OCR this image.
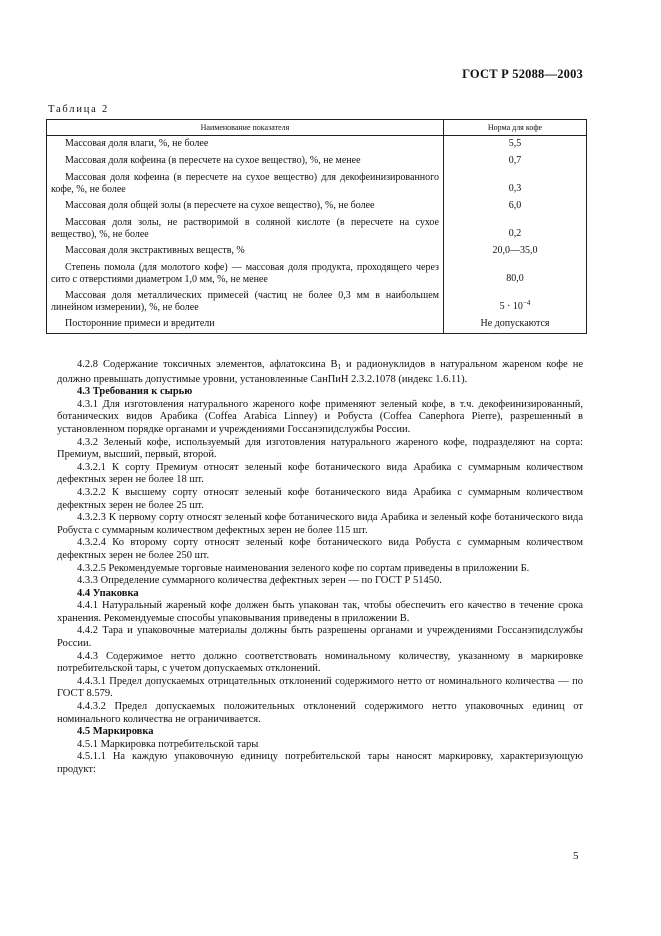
ГОСТ Р 52088—2003
Таблица 2
Наименование показателя	Норма для кофе

Массовая доля влаги, %, не более	5,5

Массовая доля кофеина (в пересчете на сухое вещество), %, не менее	0,7

Массовая доля кофеина (в пересчете на сухое вещество) для декофеинизированного кофе, %, не более	0,3

Массовая доля общей золы (в пересчете на сухое вещество), %, не более	6,0

Массовая доля золы, не растворимой в соляной кислоте (в пересчете на сухое вещество), %, не более	0,2

Массовая доля экстрактивных веществ, %	20,0—35,0

Степень помола (для молотого кофе) — массовая доля продукта, проходящего через сито с отверстиями диаметром 1,0 мм, %, не менее	80,0

Массовая доля металлических примесей (частиц не более 0,3 мм в наибольшем линейном измерении), %, не более	$5 \cdot 10^{-4}$

Посторонние примеси и вредители	Не допускаются

4.2.8 Содержание токсичных элементов, афлатоксина $В_1$ и радионуклидов в натуральном жареном кофе не должно превышать допустимые уровни, установленные СанПиН 2.3.2.1078 (индекс 1.6.11).

4.3 Требования к сырью

4.3.1 Для изготовления натурального жареного кофе применяют зеленый кофе, в т.ч. декофеинизированный, ботанических видов Арабика (Coffea Arabica Linney) и Робуста (Coffea Canephora Pierre), разрешенный в установленном порядке органами и учреждениями Госсанэпидслужбы России.

4.3.2 Зеленый кофе, используемый для изготовления натурального жареного кофе, подразделяют на сорта: Премиум, высший, первый, второй.

4.3.2.1 К сорту Премиум относят зеленый кофе ботанического вида Арабика с суммарным количеством дефектных зерен не более 18 шт.

4.3.2.2 К высшему сорту относят зеленый кофе ботанического вида Арабика с суммарным количеством дефектных зерен не более 25 шт.

4.3.2.3 К первому сорту относят зеленый кофе ботанического вида Арабика и зеленый кофе ботанического вида Робуста с суммарным количеством дефектных зерен не более 115 шт.

4.3.2.4 Ко второму сорту относят зеленый кофе ботанического вида Робуста с суммарным количеством дефектных зерен не более 250 шт.

4.3.2.5 Рекомендуемые торговые наименования зеленого кофе по сортам приведены в приложении Б.

4.3.3 Определение суммарного количества дефектных зерен — по ГОСТ Р 51450.

4.4 Упаковка

4.4.1 Натуральный жареный кофе должен быть упакован так, чтобы обеспечить его качество в течение срока хранения. Рекомендуемые способы упаковывания приведены в приложении В.

4.4.2 Тара и упаковочные материалы должны быть разрешены органами и учреждениями Госсанэпидслужбы России.

4.4.3 Содержимое нетто должно соответствовать номинальному количеству, указанному в маркировке потребительской тары, с учетом допускаемых отклонений.

4.4.3.1 Предел допускаемых отрицательных отклонений содержимого нетто от номинального количества — по ГОСТ 8.579.

4.4.3.2 Предел допускаемых положительных отклонений содержимого нетто упаковочных единиц от номинального количества не ограничивается.

4.5 Маркировка

4.5.1 Маркировка потребительской тары

4.5.1.1 На каждую упаковочную единицу потребительской тары наносят маркировку, характеризующую продукт:

5
